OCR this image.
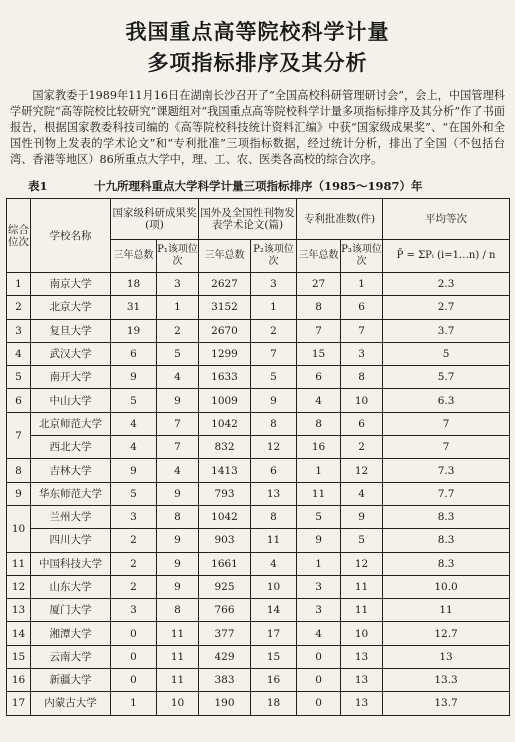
我国重点高等院校科学计量
多项指标排序及其分析

国家教委于1989年11月16日在湖南长沙召开了“全国高校科研管理研讨会”，会上，中国管理科学研究院“高等院校比较研究”课题组对“我国重点高等院校科学计量多项指标排序及其分析”作了书面报告，根据国家教委科技司编的《高等院校科技统计资料汇编》中获“国家级成果奖”、“在国外和全国性刊物上发表的学术论文”和“专利批准”三项指标数据，经过统计分析，排出了全国（不包括台湾、香港等地区）86所重点大学中，理、工、农、医类各高校的综合次序。

表1	十九所理科重点大学科学计量三项指标排序（1985～1987）年
综合位次	学校名称	国家级科研成果奖(项)		国外及全国性刊物发表学术论文(篇)		专利批准数(件)		平均等次
		三年总数	P₁该项位次	三年总数	P₂该项位次	三年总数	P₃该项位次	P̄ = ΣPᵢ (i=1…n) / n
1	南京大学	18	3	2627	3	27	1	2.3
2	北京大学	31	1	3152	1	8	6	2.7
3	复旦大学	19	2	2670	2	7	7	3.7
4	武汉大学	6	5	1299	7	15	3	5
5	南开大学	9	4	1633	5	6	8	5.7
6	中山大学	5	9	1009	9	4	10	6.3
7	北京师范大学	4	7	1042	8	8	6	7
	西北大学	4	7	832	12	16	2	7
8	吉林大学	9	4	1413	6	1	12	7.3
9	华东师范大学	5	9	793	13	11	4	7.7
10	兰州大学	3	8	1042	8	5	9	8.3
	四川大学	2	9	903	11	9	5	8.3
11	中国科技大学	2	9	1661	4	1	12	8.3
12	山东大学	2	9	925	10	3	11	10.0
13	厦门大学	3	8	766	14	3	11	11
14	湘潭大学	0	11	377	17	4	10	12.7
15	云南大学	0	11	429	15	0	13	13
16	新疆大学	0	11	383	16	0	13	13.3
17	内蒙古大学	1	10	190	18	0	13	13.7
